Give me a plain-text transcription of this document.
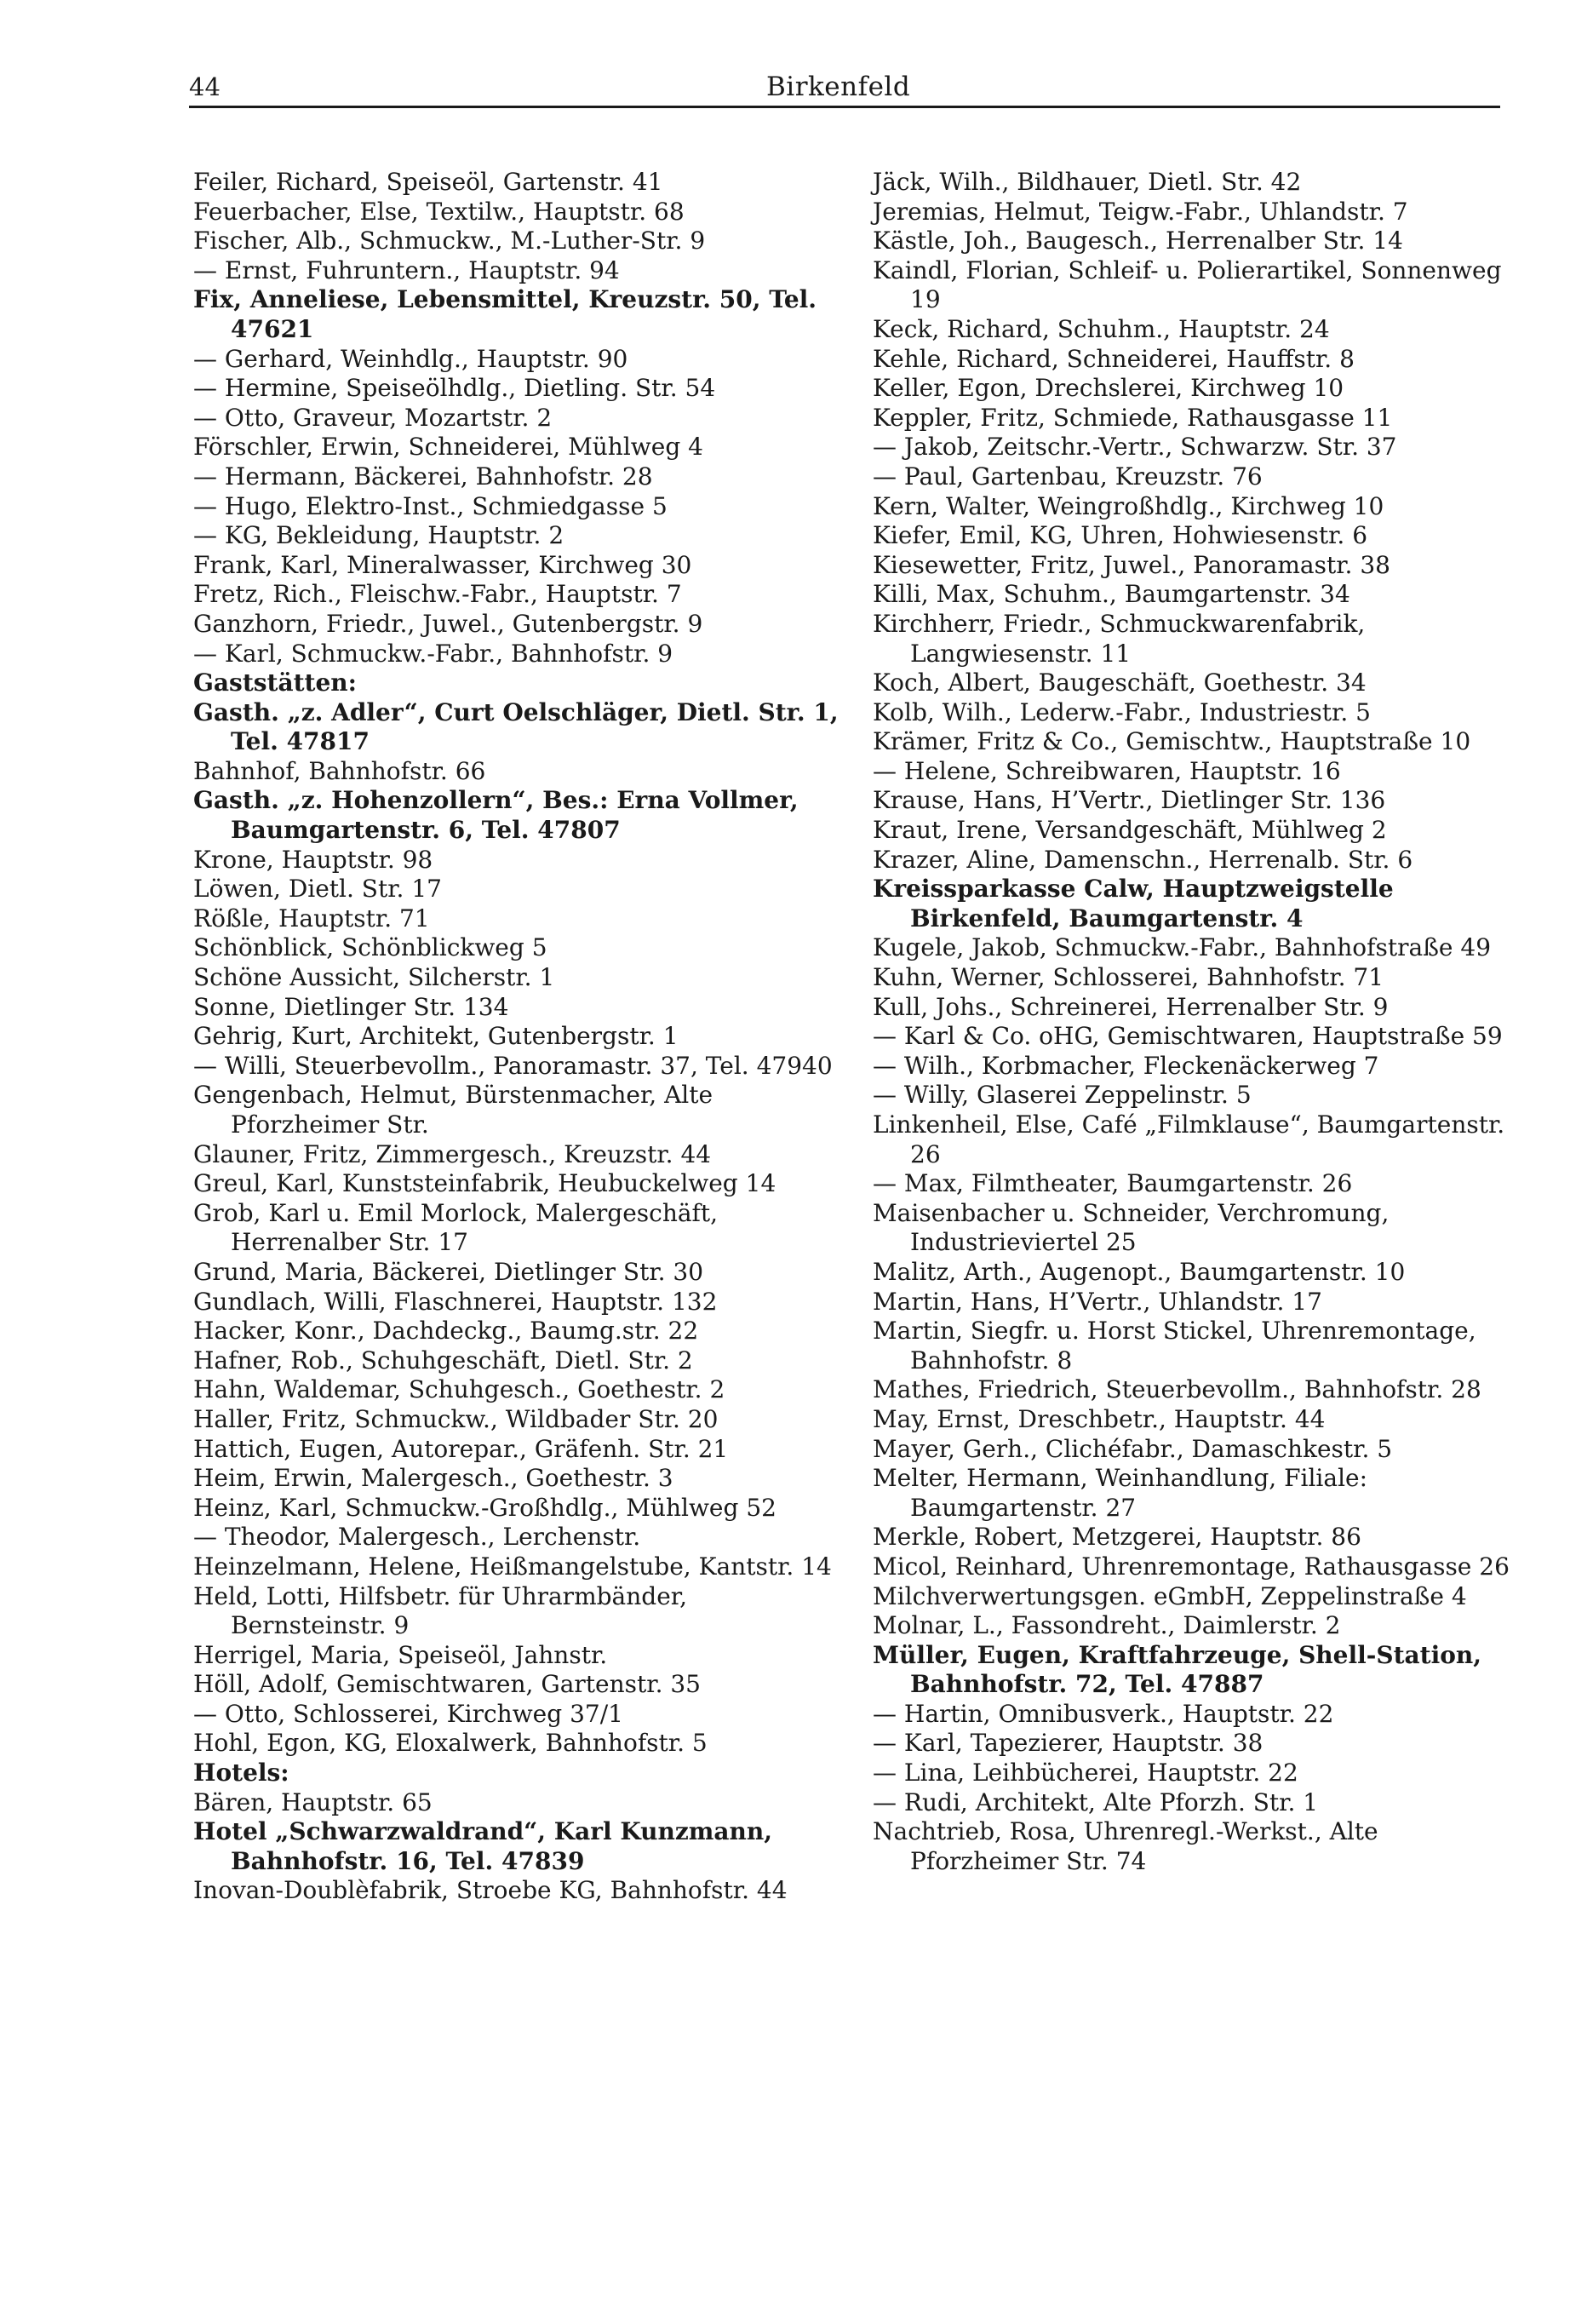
44	Birkenfeld

Feiler, Richard, Speiseöl, Gartenstr. 41

Feuerbacher, Else, Textilw., Hauptstr. 68

Fischer, Alb., Schmuckw., M.-Luther-Str. 9

— Ernst, Fuhruntern., Hauptstr. 94

Fix, Anneliese, Lebensmittel, Kreuzstr. 50, Tel. 47621

— Gerhard, Weinhdlg., Hauptstr. 90

— Hermine, Speiseölhdlg., Dietling. Str. 54

— Otto, Graveur, Mozartstr. 2

Förschler, Erwin, Schneiderei, Mühlweg 4

— Hermann, Bäckerei, Bahnhofstr. 28

— Hugo, Elektro-Inst., Schmiedgasse 5

— KG, Bekleidung, Hauptstr. 2

Frank, Karl, Mineralwasser, Kirchweg 30

Fretz, Rich., Fleischw.-Fabr., Hauptstr. 7

Ganzhorn, Friedr., Juwel., Gutenbergstr. 9

— Karl, Schmuckw.-Fabr., Bahnhofstr. 9

Gaststätten:

Gasth. „z. Adler“, Curt Oelschläger, Dietl. Str. 1, Tel. 47817

Bahnhof, Bahnhofstr. 66

Gasth. „z. Hohenzollern“, Bes.: Erna Vollmer, Baumgartenstr. 6, Tel. 47807

Krone, Hauptstr. 98

Löwen, Dietl. Str. 17

Rößle, Hauptstr. 71

Schönblick, Schönblickweg 5

Schöne Aussicht, Silcherstr. 1

Sonne, Dietlinger Str. 134

Gehrig, Kurt, Architekt, Gutenbergstr. 1

— Willi, Steuerbevollm., Panoramastr. 37, Tel. 47940

Gengenbach, Helmut, Bürstenmacher, Alte Pforzheimer Str.

Glauner, Fritz, Zimmergesch., Kreuzstr. 44

Greul, Karl, Kunststeinfabrik, Heubuckelweg 14

Grob, Karl u. Emil Morlock, Malergeschäft, Herrenalber Str. 17

Grund, Maria, Bäckerei, Dietlinger Str. 30

Gundlach, Willi, Flaschnerei, Hauptstr. 132

Hacker, Konr., Dachdeckg., Baumg.str. 22

Hafner, Rob., Schuhgeschäft, Dietl. Str. 2

Hahn, Waldemar, Schuhgesch., Goethestr. 2

Haller, Fritz, Schmuckw., Wildbader Str. 20

Hattich, Eugen, Autorepar., Gräfenh. Str. 21

Heim, Erwin, Malergesch., Goethestr. 3

Heinz, Karl, Schmuckw.-Großhdlg., Mühlweg 52

— Theodor, Malergesch., Lerchenstr.

Heinzelmann, Helene, Heißmangelstube, Kantstr. 14

Held, Lotti, Hilfsbetr. für Uhrarmbänder, Bernsteinstr. 9

Herrigel, Maria, Speiseöl, Jahnstr.

Höll, Adolf, Gemischtwaren, Gartenstr. 35

— Otto, Schlosserei, Kirchweg 37/1

Hohl, Egon, KG, Eloxalwerk, Bahnhofstr. 5

Hotels:

Bären, Hauptstr. 65

Hotel „Schwarzwaldrand“, Karl Kunzmann, Bahnhofstr. 16, Tel. 47839

Inovan-Doublèfabrik, Stroebe KG, Bahnhofstr. 44

Jäck, Wilh., Bildhauer, Dietl. Str. 42

Jeremias, Helmut, Teigw.-Fabr., Uhlandstr. 7

Kästle, Joh., Baugesch., Herrenalber Str. 14

Kaindl, Florian, Schleif- u. Polierartikel, Sonnenweg 19

Keck, Richard, Schuhm., Hauptstr. 24

Kehle, Richard, Schneiderei, Hauffstr. 8

Keller, Egon, Drechslerei, Kirchweg 10

Keppler, Fritz, Schmiede, Rathausgasse 11

— Jakob, Zeitschr.-Vertr., Schwarzw. Str. 37

— Paul, Gartenbau, Kreuzstr. 76

Kern, Walter, Weingroßhdlg., Kirchweg 10

Kiefer, Emil, KG, Uhren, Hohwiesenstr. 6

Kiesewetter, Fritz, Juwel., Panoramastr. 38

Killi, Max, Schuhm., Baumgartenstr. 34

Kirchherr, Friedr., Schmuckwarenfabrik, Langwiesenstr. 11

Koch, Albert, Baugeschäft, Goethestr. 34

Kolb, Wilh., Lederw.-Fabr., Industriestr. 5

Krämer, Fritz & Co., Gemischtw., Hauptstraße 10

— Helene, Schreibwaren, Hauptstr. 16

Krause, Hans, H’Vertr., Dietlinger Str. 136

Kraut, Irene, Versandgeschäft, Mühlweg 2

Krazer, Aline, Damenschn., Herrenalb. Str. 6

Kreissparkasse Calw, Hauptzweigstelle Birkenfeld, Baumgartenstr. 4

Kugele, Jakob, Schmuckw.-Fabr., Bahnhofstraße 49

Kuhn, Werner, Schlosserei, Bahnhofstr. 71

Kull, Johs., Schreinerei, Herrenalber Str. 9

— Karl & Co. oHG, Gemischtwaren, Hauptstraße 59

— Wilh., Korbmacher, Fleckenäckerweg 7

— Willy, Glaserei Zeppelinstr. 5

Linkenheil, Else, Café „Filmklause“, Baumgartenstr. 26

— Max, Filmtheater, Baumgartenstr. 26

Maisenbacher u. Schneider, Verchromung, Industrieviertel 25

Malitz, Arth., Augenopt., Baumgartenstr. 10

Martin, Hans, H’Vertr., Uhlandstr. 17

Martin, Siegfr. u. Horst Stickel, Uhrenremontage, Bahnhofstr. 8

Mathes, Friedrich, Steuerbevollm., Bahnhofstr. 28

May, Ernst, Dreschbetr., Hauptstr. 44

Mayer, Gerh., Clichéfabr., Damaschkestr. 5

Melter, Hermann, Weinhandlung, Filiale: Baumgartenstr. 27

Merkle, Robert, Metzgerei, Hauptstr. 86

Micol, Reinhard, Uhrenremontage, Rathausgasse 26

Milchverwertungsgen. eGmbH, Zeppelinstraße 4

Molnar, L., Fassondreht., Daimlerstr. 2

Müller, Eugen, Kraftfahrzeuge, Shell-Station, Bahnhofstr. 72, Tel. 47887

— Hartin, Omnibusverk., Hauptstr. 22

— Karl, Tapezierer, Hauptstr. 38

— Lina, Leihbücherei, Hauptstr. 22

— Rudi, Architekt, Alte Pforzh. Str. 1

Nachtrieb, Rosa, Uhrenregl.-Werkst., Alte Pforzheimer Str. 74
